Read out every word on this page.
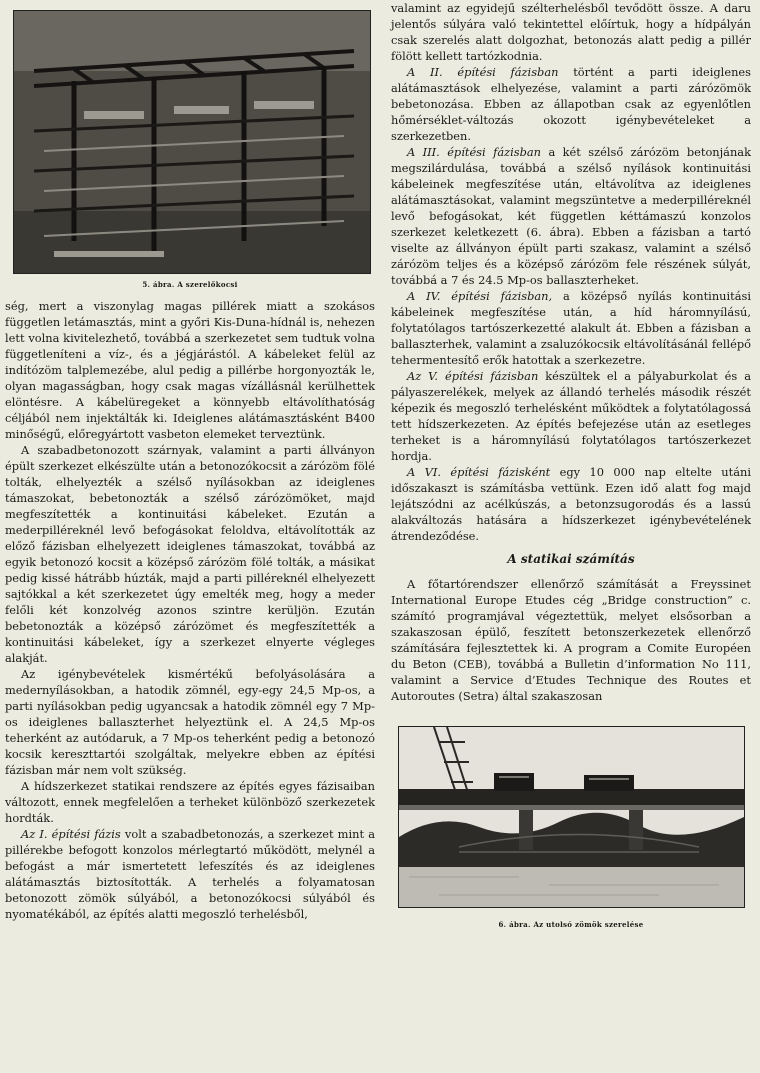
5. ábra. A szerelőkocsi

ség, mert a viszonylag magas pillérek miatt a szokásos független letámasztás, mint a győri Kis-Duna-hídnál is, nehezen lett volna kivitelezhető, továbbá a szerkezetet sem tudtuk volna függetleníteni a víz-, és a jégjárástól. A kábeleket felül az indítózöm talplemezébe, alul pedig a pillérbe horgonyozták le, olyan magasságban, hogy csak magas vízállásnál kerülhettek elöntésre. A kábelüregeket a könnyebb eltávolíthatóság céljából nem injektálták ki. Ideiglenes alátámasztásként B400 minőségű, előregyártott vasbeton elemeket terveztünk.

A szabadbetonozott szárnyak, valamint a parti állványon épült szerkezet elkészülte után a betonozókocsit a zárózöm fölé tolták, elhelyezték a szélső nyílásokban az ideiglenes támaszokat, bebetonozták a szélső zárózömöket, majd megfeszítették a kontinuitási kábeleket. Ezután a mederpilléreknél levő befogásokat feloldva, eltávolították az előző fázisban elhelyezett ideiglenes támaszokat, továbbá az egyik betonozó kocsit a középső zárózöm fölé tolták, a másikat pedig kissé hátrább húzták, majd a parti pilléreknél elhelyezett sajtókkal a két szerkezetet úgy emelték meg, hogy a meder felőli két konzolvég azonos szintre kerüljön. Ezután bebetonozták a középső zárózömet és megfeszítették a kontinuitási kábeleket, így a szerkezet elnyerte végleges alakját.

Az igénybevételek kismértékű befolyásolására a medernyílásokban, a hatodik zömnél, egy-egy 24,5 Mp-os, a parti nyílásokban pedig ugyancsak a hatodik zömnél egy 7 Mp-os ideiglenes ballaszterhet helyeztünk el. A 24,5 Mp-os teherként az autódaruk, a 7 Mp-os teherként pedig a betonozó kocsik kereszttartói szolgáltak, melyekre ebben az építési fázisban már nem volt szükség.

A hídszerkezet statikai rendszere az építés egyes fázisaiban változott, ennek megfelelően a terheket különböző szerkezetek hordták.

Az I. építési fázis volt a szabadbetonozás, a szerkezet mint a pillérekbe befogott konzolos mérlegtartó működött, melynél a befogást a már ismertetett lefeszítés és az ideiglenes alátámasztás biztosították. A terhelés a folyamatosan betonozott zömök súlyából, a betonozókocsi súlyából és nyomatékából, az építés alatti megoszló terhelésből,

valamint az egyidejű szélterhelésből tevődött össze. A daru jelentős súlyára való tekintettel előírtuk, hogy a hídpályán csak szerelés alatt dolgozhat, betonozás alatt pedig a pillér fölött kellett tartózkodnia.

A II. építési fázisban történt a parti ideiglenes alátámasztások elhelyezése, valamint a parti zárózömök bebetonozása. Ebben az állapotban csak az egyenlőtlen hőmérséklet-változás okozott igénybevételeket a szerkezetben.

A III. építési fázisban a két szélső zárózöm betonjának megszilárdulása, továbbá a szélső nyílások kontinuitási kábeleinek megfeszítése után, eltávolítva az ideiglenes alátámasztásokat, valamint megszüntetve a mederpilléreknél levő befogásokat, két független kéttámaszú konzolos szerkezet keletkezett (6. ábra). Ebben a fázisban a tartó viselte az állványon épült parti szakasz, valamint a szélső zárózöm teljes és a középső zárózöm fele részének súlyát, továbbá a 7 és 24.5 Mp-os ballaszterheket.

A IV. építési fázisban, a középső nyílás kontinuitási kábeleinek megfeszítése után, a híd háromnyílású, folytatólagos tartószerkezetté alakult át. Ebben a fázisban a ballaszterhek, valamint a zsaluzókocsik eltávolításánál fellépő tehermentesítő erők hatottak a szerkezetre.

Az V. építési fázisban készültek el a pályaburkolat és a pályaszerelékek, melyek az állandó terhelés második részét képezik és megoszló terhelésként működtek a folytatólagossá tett hídszerkezeten. Az építés befejezése után az esetleges terheket is a háromnyílású folytatólagos tartószerkezet hordja.

A VI. építési fázisként egy 10 000 nap eltelte utáni időszakaszt is számításba vettünk. Ezen idő alatt fog majd lejátszódni az acélkúszás, a betonzsugorodás és a lassú alakváltozás hatására a hídszerkezet igénybevételének átrendeződése.

A statikai számítás

A főtartórendszer ellenőrző számítását a Freyssinet International Europe Etudes cég „Bridge construction” c. számító programjával végeztettük, melyet elsősorban a szakaszosan épülő, feszített betonszerkezetek ellenőrző számítására fejlesztettek ki. A program a Comite Européen du Beton (CEB), továbbá a Bulletin d’information No 111, valamint a Service d’Etudes Technique des Routes et Autoroutes (Setra) által szakaszosan

6. ábra. Az utolsó zömök szerelése
